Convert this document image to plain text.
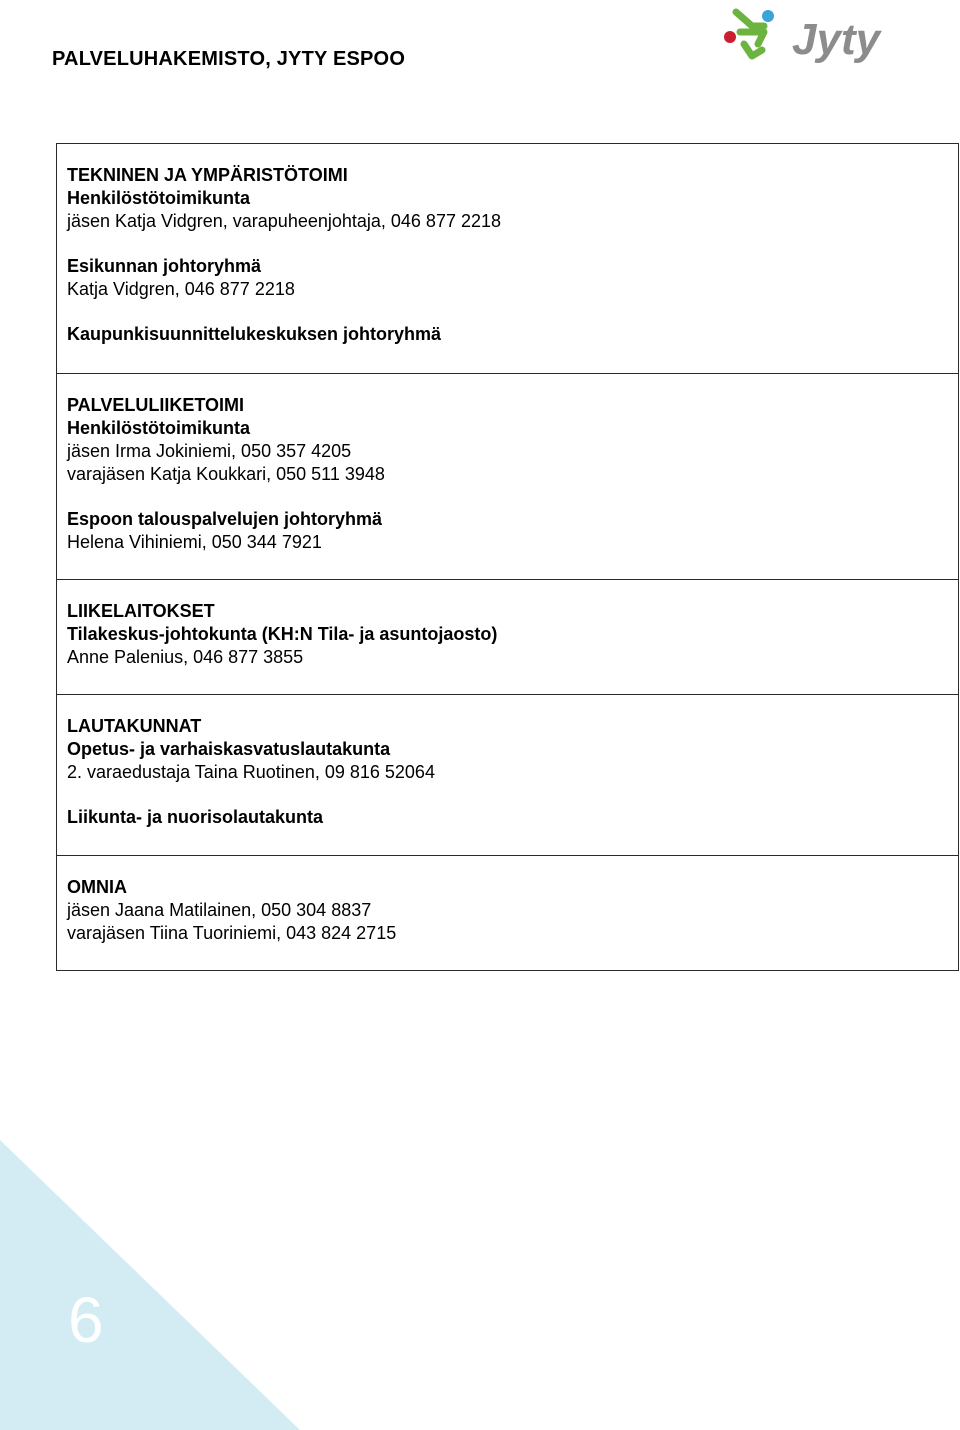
PALVELUHAKEMISTO, JYTY ESPOO	Jyty
TEKNINEN JA YMPÄRISTÖTOIMI
Henkilöstötoimikunta
jäsen Katja Vidgren, varapuheenjohtaja, 046 877 2218
Esikunnan johtoryhmä
Katja Vidgren, 046 877 2218
Kaupunkisuunnittelukeskuksen johtoryhmä
PALVELULIIKETOIMI
Henkilöstötoimikunta
jäsen Irma Jokiniemi, 050 357 4205
varajäsen Katja Koukkari, 050 511 3948
Espoon talouspalvelujen johtoryhmä
Helena Vihiniemi, 050 344 7921
LIIKELAITOKSET
Tilakeskus-johtokunta (KH:N Tila- ja asuntojaosto)
Anne Palenius, 046 877 3855
LAUTAKUNNAT
Opetus- ja varhaiskasvatuslautakunta
2. varaedustaja Taina Ruotinen, 09 816 52064
Liikunta- ja nuorisolautakunta
OMNIA
jäsen Jaana Matilainen, 050 304 8837
varajäsen Tiina Tuoriniemi, 043 824 2715
6
